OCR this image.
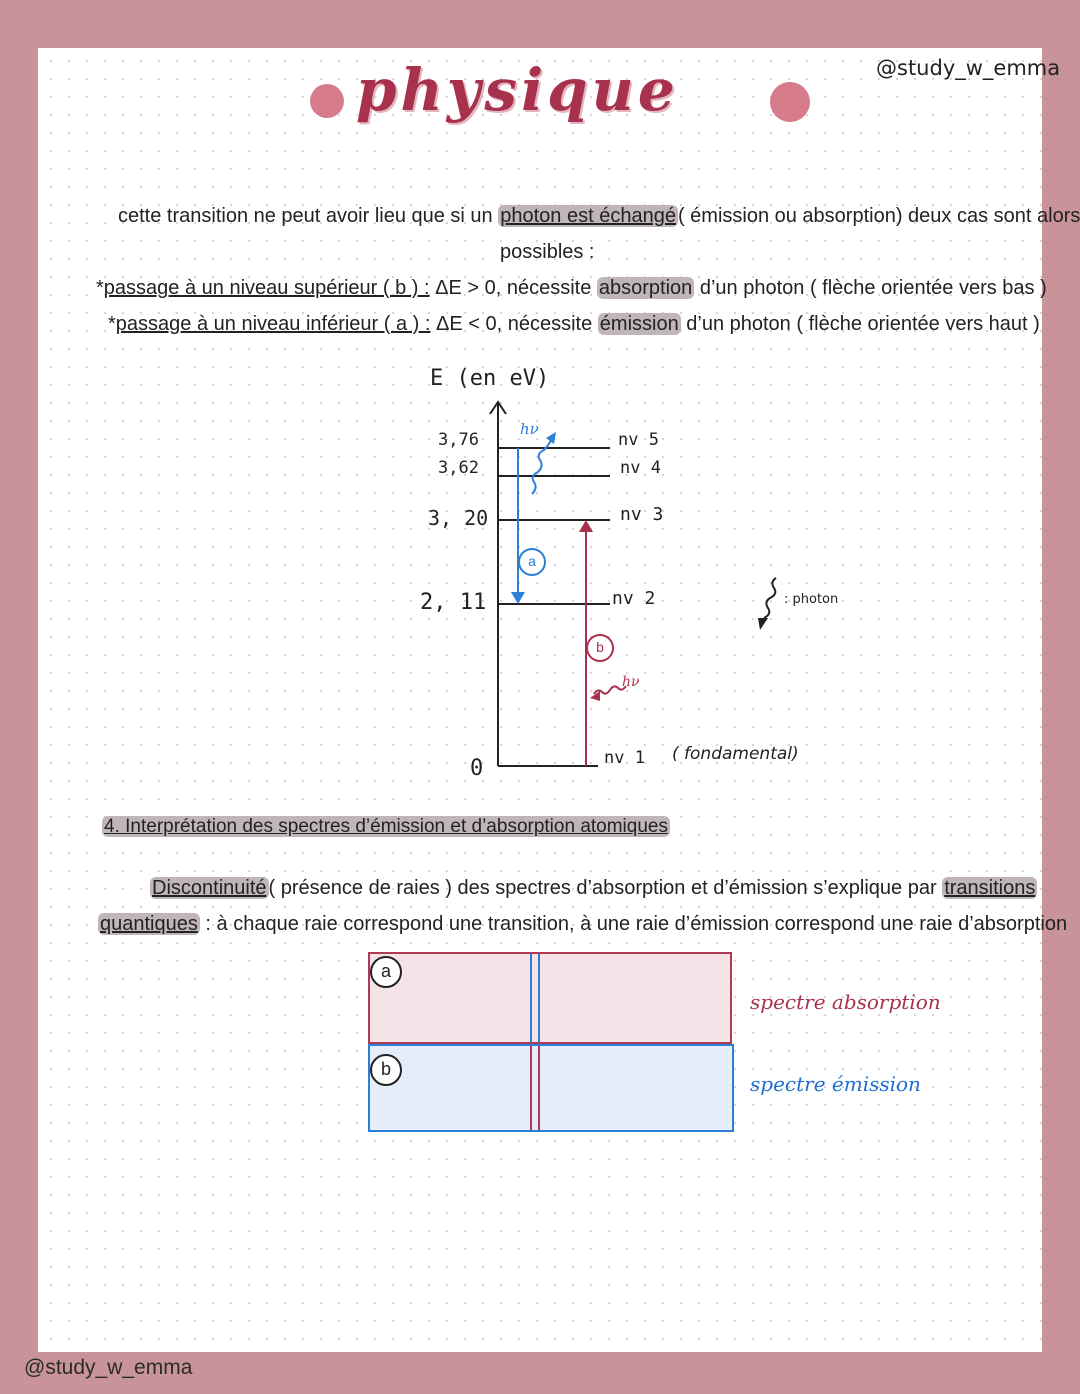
physique	@study_w_emma
cette transition ne peut avoir lieu que si un photon est échangé ( émission ou absorption) deux cas sont alors
possibles :
*passage à un niveau supérieur ( b ) : ΔE > 0, nécessite absorption d’un photon ( flèche orientée vers bas )
*passage à un niveau inférieur ( a ) : ΔE < 0, nécessite émission d’un photon ( flèche orientée vers haut )
E (en eV)
3,76
3,62
3, 20
2, 11
0
nv 5
nv 4
nv 3
nv 2
nv 1 ( fondamental)
hν
hν
a
b
: photon
4. Interprétation des spectres d’émission et d’absorption atomiques
Discontinuité ( présence de raies ) des spectres d’absorption et d’émission s’explique par transitions
quantiques : à chaque raie correspond une transition, à une raie d’émission correspond une raie d’absorption
a
b
spectre absorption
spectre émission
@study_w_emma
